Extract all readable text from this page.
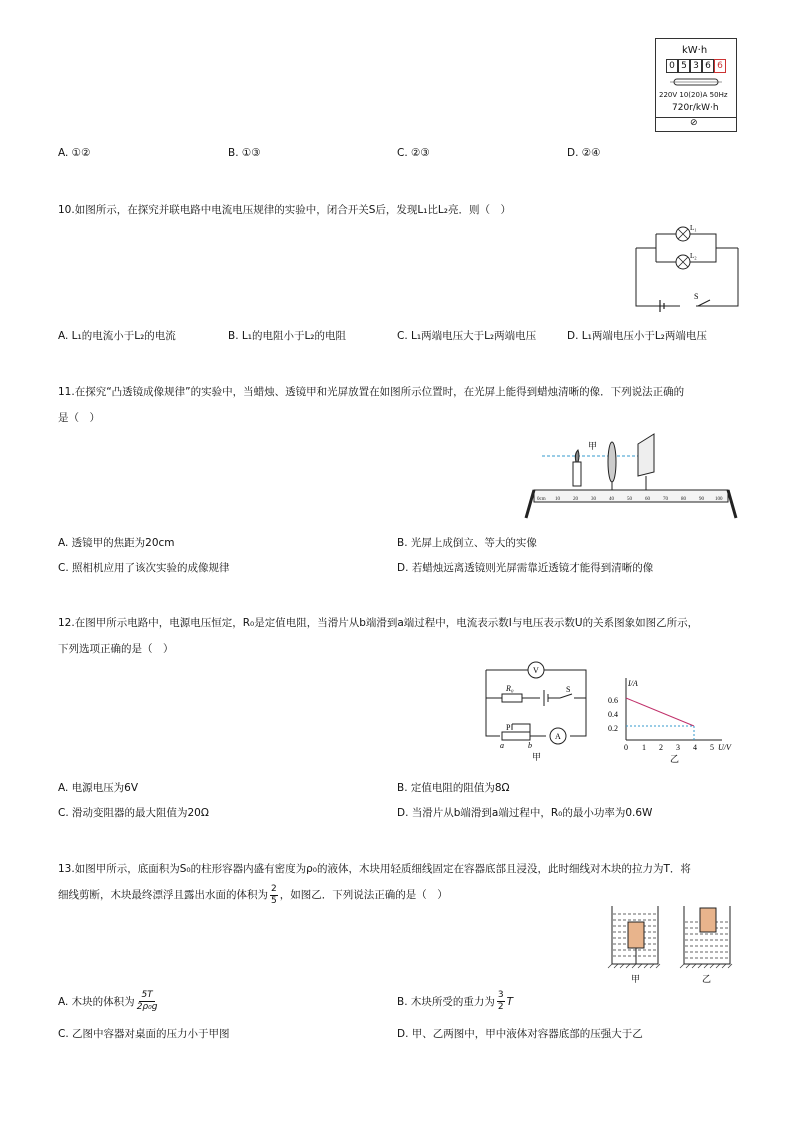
kW·h
0 5 3 6 6
220V 10(20)A 50Hz
720r/kW·h
⊘
A. ①②	B. ①③	C. ②③	D. ②④
10.如图所示，在探究并联电路中电流电压规律的实验中，闭合开关S后，发现L₁比L₂亮．则（　）
L₁
L₂
S
A. L₁的电流小于L₂的电流	B. L₁的电阻小于L₂的电阻	C. L₁两端电压大于L₂两端电压	D. L₁两端电压小于L₂两端电压
11.在探究“凸透镜成像规律”的实验中，当蜡烛、透镜甲和光屏放置在如图所示位置时，在光屏上能得到蜡烛清晰的像．下列说法正确的
是（　）
甲
0cm 10	20	30	40	50	60	70	80	90 100
A. 透镜甲的焦距为20cm	B. 光屏上成倒立、等大的实像
C. 照相机应用了该次实验的成像规律	D. 若蜡烛远离透镜则光屏需靠近透镜才能得到清晰的像
12.在图甲所示电路中，电源电压恒定，R₀是定值电阻，当滑片从b端滑到a端过程中，电流表示数I与电压表示数U的关系图象如图乙所示，
下列选项正确的是（　）
V
A
R₀	S
P
a	b
甲
I/A
U/V
0.6
0.4
0.2
0 1 2 3 4 5
乙
A. 电源电压为6V	B. 定值电阻的阻值为8Ω
C. 滑动变阻器的最大阻值为20Ω	D. 当滑片从b端滑到a端过程中，R₀的最小功率为0.6W
13.如图甲所示，底面积为S₀的柱形容器内盛有密度为ρ₀的液体，木块用轻质细线固定在容器底部且浸没，此时细线对木块的拉力为T．将
细线剪断，木块最终漂浮且露出水面的体积为 $\frac{2}{5}$ ，如图乙．下列说法正确的是（　）
甲	乙
A. 木块的体积为 $\frac{5T}{\text{2ρ₀g}}$	B. 木块所受的重力为 $\frac{3}{2}$ T
C. 乙图中容器对桌面的压力小于甲图	D. 甲、乙两图中，甲中液体对容器底部的压强大于乙
